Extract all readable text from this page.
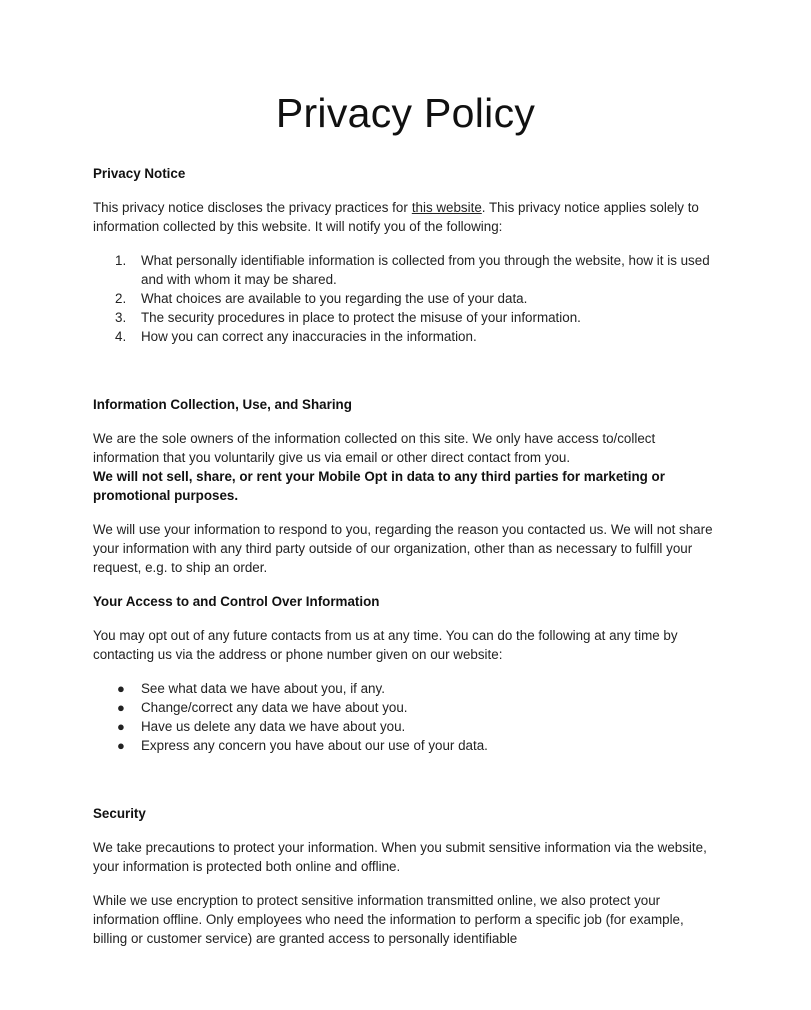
Privacy Policy
Privacy Notice

This privacy notice discloses the privacy practices for this website. This privacy notice applies solely to information collected by this website. It will notify you of the following:

1. What personally identifiable information is collected from you through the website, how it is used and with whom it may be shared.
2. What choices are available to you regarding the use of your data.
3. The security procedures in place to protect the misuse of your information.
4. How you can correct any inaccuracies in the information.
Information Collection, Use, and Sharing

We are the sole owners of the information collected on this site. We only have access to/collect information that you voluntarily give us via email or other direct contact from you.
We will not sell, share, or rent your Mobile Opt in data to any third parties for marketing or promotional purposes.

We will use your information to respond to you, regarding the reason you contacted us. We will not share your information with any third party outside of our organization, other than as necessary to fulfill your request, e.g. to ship an order.

Your Access to and Control Over Information

You may opt out of any future contacts from us at any time. You can do the following at any time by contacting us via the address or phone number given on our website:

● See what data we have about you, if any.
● Change/correct any data we have about you.
● Have us delete any data we have about you.
● Express any concern you have about our use of your data.
Security

We take precautions to protect your information. When you submit sensitive information via the website, your information is protected both online and offline.

While we use encryption to protect sensitive information transmitted online, we also protect your information offline. Only employees who need the information to perform a specific job (for example, billing or customer service) are granted access to personally identifiable
